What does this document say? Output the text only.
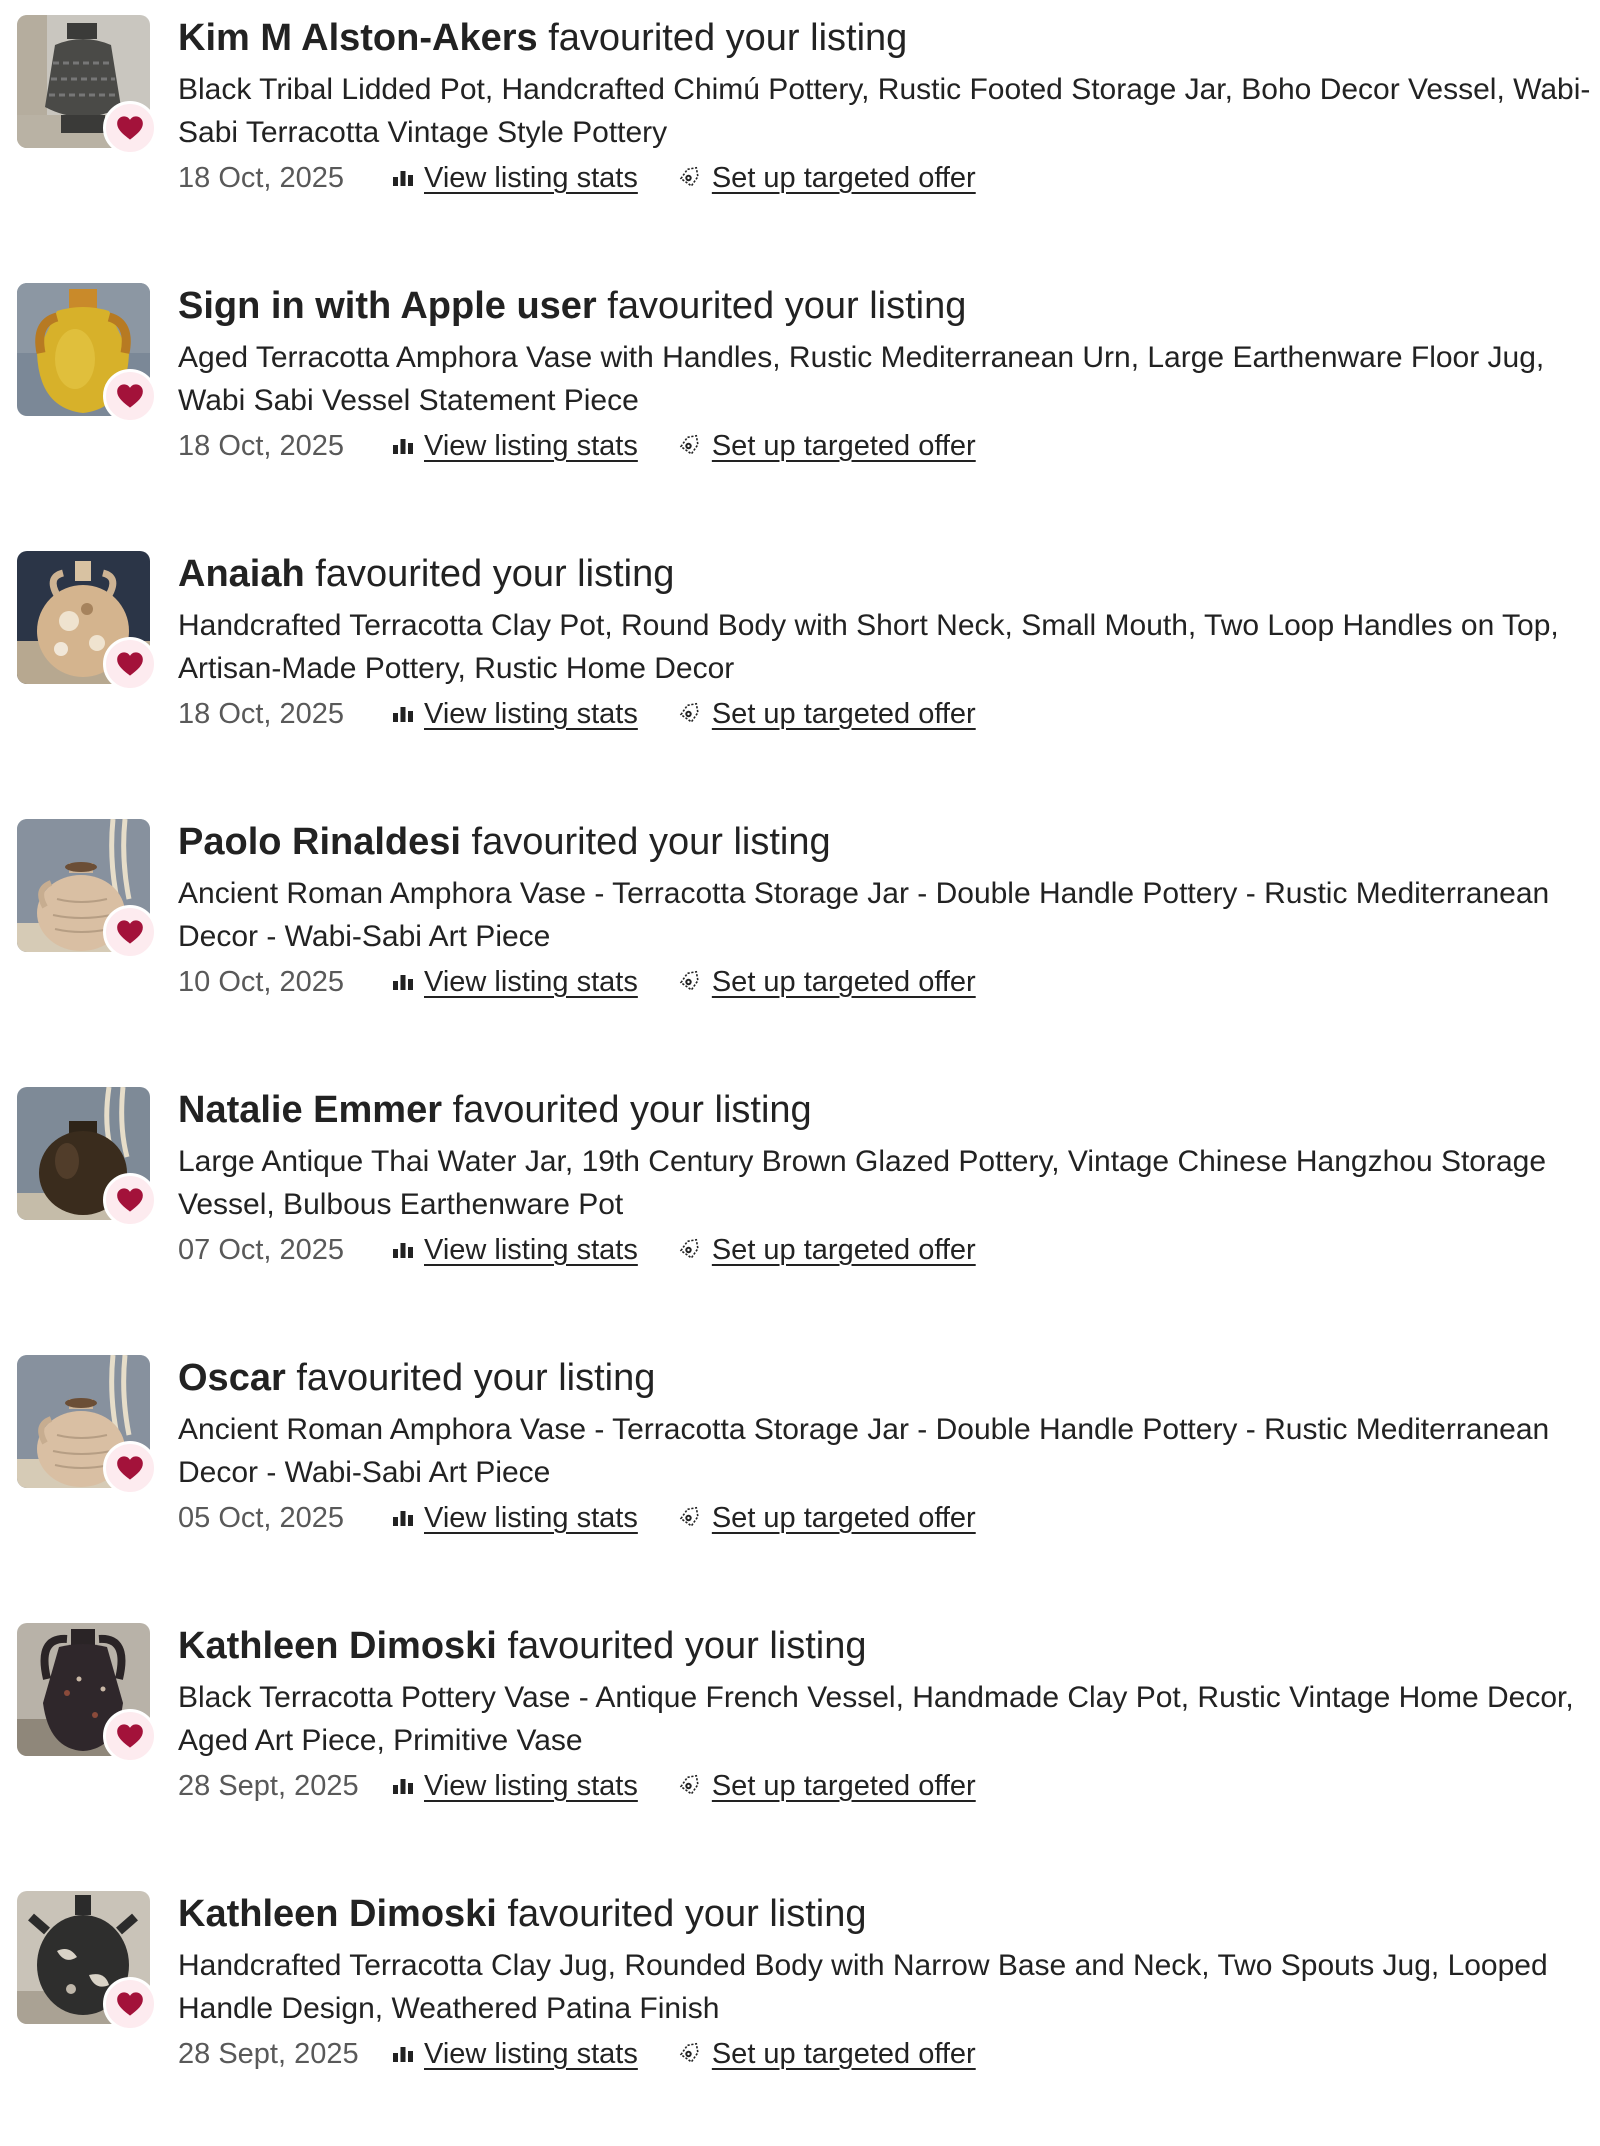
Kim M Alston-Akers favourited your listing
Black Tribal Lidded Pot, Handcrafted Chimú Pottery, Rustic Footed Storage Jar, Boho Decor Vessel, Wabi-Sabi Terracotta Vintage Style Pottery
18 Oct, 2025	View listing stats	Set up targeted offer
Sign in with Apple user favourited your listing
Aged Terracotta Amphora Vase with Handles, Rustic Mediterranean Urn, Large Earthenware Floor Jug, Wabi Sabi Vessel Statement Piece
18 Oct, 2025	View listing stats	Set up targeted offer
Anaiah favourited your listing
Handcrafted Terracotta Clay Pot, Round Body with Short Neck, Small Mouth, Two Loop Handles on Top, Artisan-Made Pottery, Rustic Home Decor
18 Oct, 2025	View listing stats	Set up targeted offer
Paolo Rinaldesi favourited your listing
Ancient Roman Amphora Vase - Terracotta Storage Jar - Double Handle Pottery - Rustic Mediterranean Decor - Wabi-Sabi Art Piece
10 Oct, 2025	View listing stats	Set up targeted offer
Natalie Emmer favourited your listing
Large Antique Thai Water Jar, 19th Century Brown Glazed Pottery, Vintage Chinese Hangzhou Storage Vessel, Bulbous Earthenware Pot
07 Oct, 2025	View listing stats	Set up targeted offer
Oscar favourited your listing
Ancient Roman Amphora Vase - Terracotta Storage Jar - Double Handle Pottery - Rustic Mediterranean Decor - Wabi-Sabi Art Piece
05 Oct, 2025	View listing stats	Set up targeted offer
Kathleen Dimoski favourited your listing
Black Terracotta Pottery Vase - Antique French Vessel, Handmade Clay Pot, Rustic Vintage Home Decor, Aged Art Piece, Primitive Vase
28 Sept, 2025	View listing stats	Set up targeted offer
Kathleen Dimoski favourited your listing
Handcrafted Terracotta Clay Jug, Rounded Body with Narrow Base and Neck, Two Spouts Jug, Looped Handle Design, Weathered Patina Finish
28 Sept, 2025	View listing stats	Set up targeted offer
